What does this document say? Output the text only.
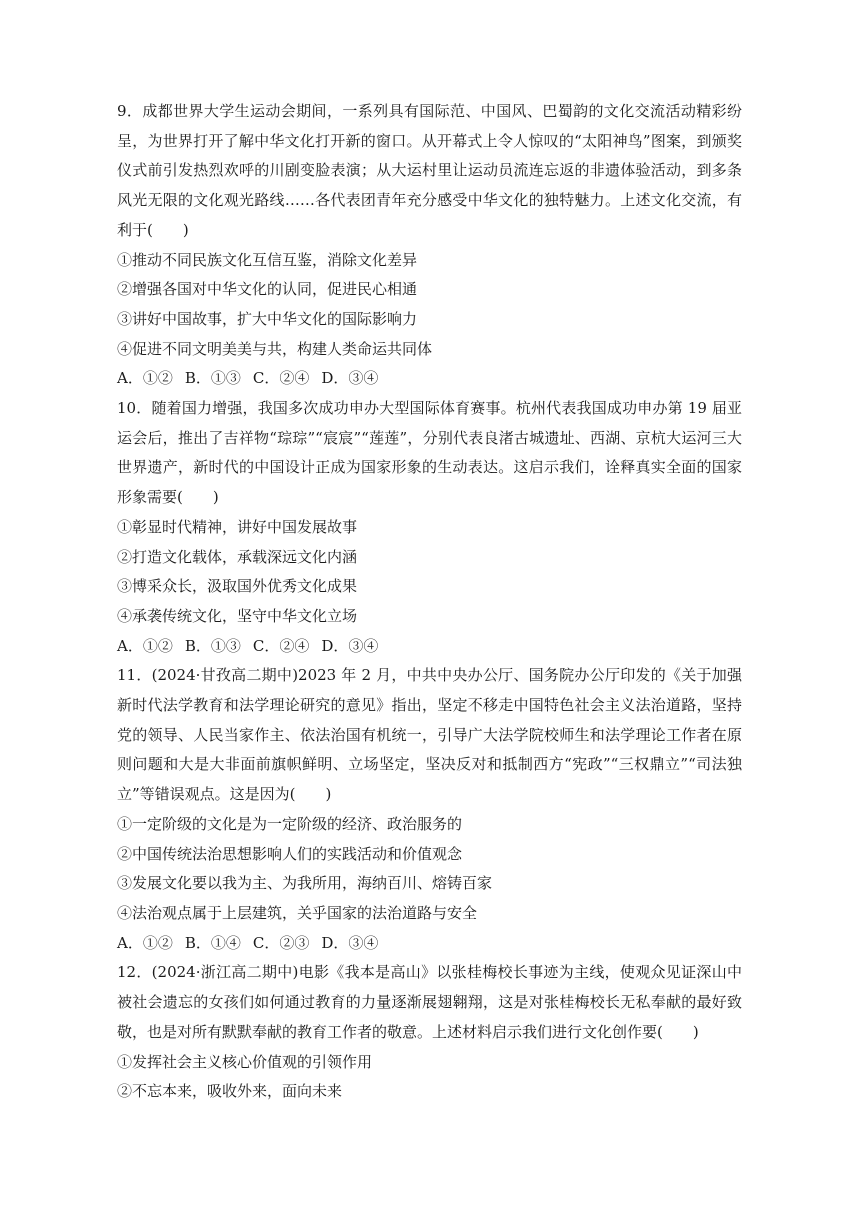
9．成都世界大学生运动会期间，一系列具有国际范、中国风、巴蜀韵的文化交流活动精彩纷呈，为世界打开了解中华文化打开新的窗口。从开幕式上令人惊叹的“太阳神鸟”图案，到颁奖仪式前引发热烈欢呼的川剧变脸表演；从大运村里让运动员流连忘返的非遗体验活动，到多条风光无限的文化观光路线……各代表团青年充分感受中华文化的独特魅力。上述文化交流，有利于(　　)

①推动不同民族文化互信互鉴，消除文化差异
②增强各国对中华文化的认同，促进民心相通
③讲好中国故事，扩大中华文化的国际影响力
④促进不同文明美美与共，构建人类命运共同体

A．①② B．①③ C．②④ D．③④

10．随着国力增强，我国多次成功申办大型国际体育赛事。杭州代表我国成功申办第 19 届亚运会后，推出了吉祥物“琮琮”“宸宸”“莲莲”，分别代表良渚古城遗址、西湖、京杭大运河三大世界遗产，新时代的中国设计正成为国家形象的生动表达。这启示我们，诠释真实全面的国家形象需要(　　)

①彰显时代精神，讲好中国发展故事
②打造文化载体，承载深远文化内涵
③博采众长，汲取国外优秀文化成果
④承袭传统文化，坚守中华文化立场

A．①② B．①③ C．②④ D．③④

11．(2024·甘孜高二期中)2023 年 2 月，中共中央办公厅、国务院办公厅印发的《关于加强新时代法学教育和法学理论研究的意见》指出，坚定不移走中国特色社会主义法治道路，坚持党的领导、人民当家作主、依法治国有机统一，引导广大法学院校师生和法学理论工作者在原则问题和大是大非面前旗帜鲜明、立场坚定，坚决反对和抵制西方“宪政”“三权鼎立”“司法独立”等错误观点。这是因为(　　)

①一定阶级的文化是为一定阶级的经济、政治服务的
②中国传统法治思想影响人们的实践活动和价值观念
③发展文化要以我为主、为我所用，海纳百川、熔铸百家
④法治观点属于上层建筑，关乎国家的法治道路与安全

A．①② B．①④ C．②③ D．③④

12．(2024·浙江高二期中)电影《我本是高山》以张桂梅校长事迹为主线，使观众见证深山中被社会遗忘的女孩们如何通过教育的力量逐渐展翅翱翔，这是对张桂梅校长无私奉献的最好致敬，也是对所有默默奉献的教育工作者的敬意。上述材料启示我们进行文化创作要(　　)

①发挥社会主义核心价值观的引领作用
②不忘本来，吸收外来，面向未来
